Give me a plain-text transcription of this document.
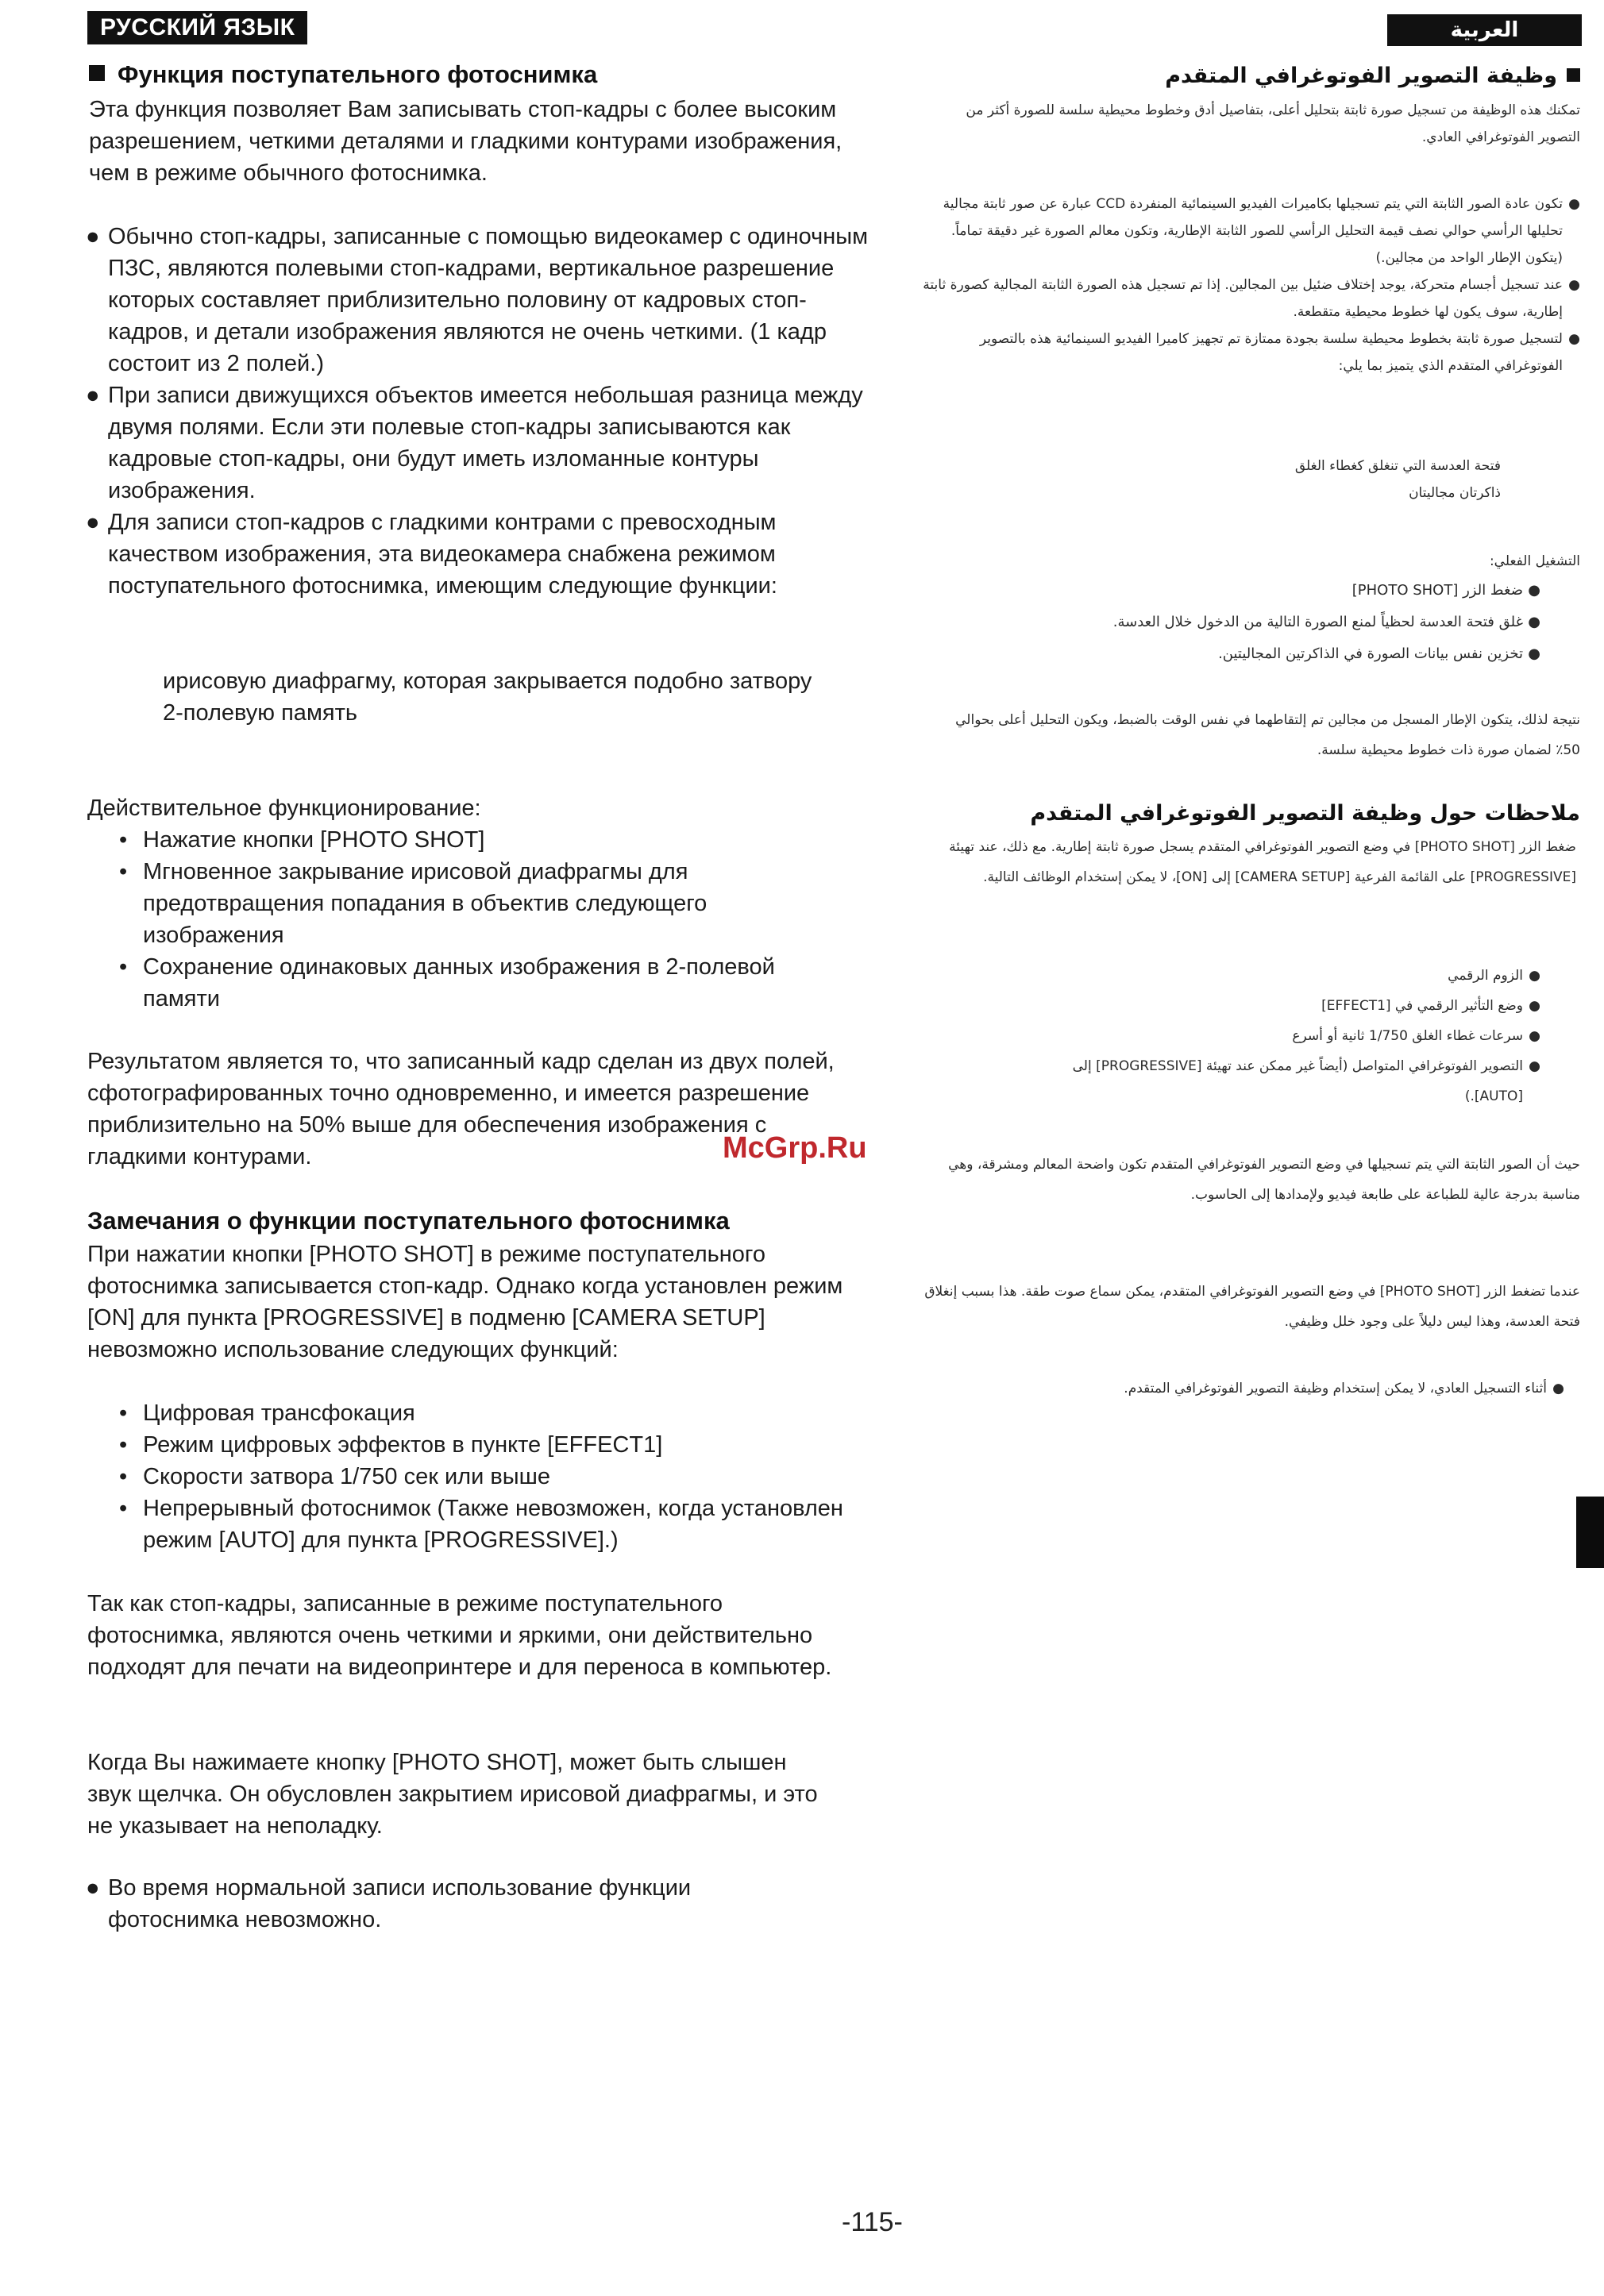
РУССКИЙ ЯЗЫК
Функция поступательного фотоснимка

Эта функция позволяет Вам записывать стоп-кадры с более высоким разрешением, четкими деталями и гладкими контурами изображения, чем в режиме обычного фотоснимка.

● Обычно стоп-кадры, записанные с помощью видеокамер с одиночным ПЗС, являются полевыми стоп-кадрами, вертикальное разрешение которых составляет приблизительно половину от кадровых стоп-кадров, и детали изображения являются не очень четкими. (1 кадр состоит из 2 полей.)
● При записи движущихся объектов имеется небольшая разница между двумя полями. Если эти полевые стоп-кадры записываются как кадровые стоп-кадры, они будут иметь изломанные контуры изображения.
● Для записи стоп-кадров с гладкими контрами с превосходным качеством изображения, эта видеокамера снабжена режимом поступательного фотоснимка, имеющим следующие функции:

ирисовую диафрагму, которая закрывается подобно затвору

2-полевую память

Действительное функционирование:

• Нажатие кнопки [PHOTO SHOT]
• Мгновенное закрывание ирисовой диафрагмы для предотвращения попадания в объектив следующего изображения
• Сохранение одинаковых данных изображения в 2-полевой памяти

Результатом является то, что записанный кадр сделан из двух полей, сфотографированных точно одновременно, и имеется разрешение приблизительно на 50% выше для обеспечения изображения с гладкими контурами.

Замечания о функции поступательного фотоснимка

При нажатии кнопки [PHOTO SHOT] в режиме поступательного фотоснимка записывается стоп-кадр. Однако когда установлен режим [ON] для пункта [PROGRESSIVE] в подменю [CAMERA SETUP] невозможно использование следующих функций:

• Цифровая трансфокация
• Режим цифровых эффектов в пункте [EFFECT1]
• Скорости затвора 1/750 сек или выше
• Непрерывный фотоснимок (Также невозможен, когда установлен режим [AUTO] для пункта [PROGRESSIVE].)

Так как стоп-кадры, записанные в режиме поступательного фотоснимка, являются очень четкими и яркими, они действительно подходят для печати на видеопринтере и для переноса в компьютер.

Когда Вы нажимаете кнопку [PHOTO SHOT], может быть слышен звук щелчка. Он обусловлен закрытием ирисовой диафрагмы, и это не указывает на неполадку.

● Во время нормальной записи использование функции фотоснимка невозможно.
العربية
وظيفة التصوير الفوتوغرافي المتقدم

تمكنك هذه الوظيفة من تسجيل صورة ثابتة بتحليل أعلى، بتفاصيل أدق وخطوط محيطية سلسة للصورة أكثر من التصوير الفوتوغرافي العادي.

●
تكون عادة الصور الثابتة التي يتم تسجيلها بكاميرات الفيديو السينمائية المنفردة CCD عبارة عن صور ثابتة مجالية تحليلها الرأسي حوالي نصف قيمة التحليل الرأسي للصور الثابتة الإطارية، وتكون معالم الصورة غير دقيقة تماماً. (يتكون الإطار الواحد من مجالين.)
●
عند تسجيل أجسام متحركة، يوجد إختلاف ضئيل بين المجالين. إذا تم تسجيل هذه الصورة الثابتة المجالية كصورة ثابتة إطارية، سوف يكون لها خطوط محيطية متقطعة.
●
لتسجيل صورة ثابتة بخطوط محيطية سلسة بجودة ممتازة تم تجهيز كاميرا الفيديو السينمائية هذه بالتصوير الفوتوغرافي المتقدم الذي يتميز بما يلي:

فتحة العدسة التي تنغلق كغطاء الغلق

ذاكرتان مجاليتان

التشغيل الفعلي:

●
ضغط الزر [PHOTO SHOT]
●
غلق فتحة العدسة لحظياً لمنع الصورة التالية من الدخول خلال العدسة.
●
تخزين نفس بيانات الصورة في الذاكرتين المجاليتين.

نتيجة لذلك، يتكون الإطار المسجل من مجالين تم إلتقاطهما في نفس الوقت بالضبط، ويكون التحليل أعلى بحوالي 50٪ لضمان صورة ذات خطوط محيطية سلسة.

ملاحظات حول وظيفة التصوير الفوتوغرافي المتقدم

ضغط الزر [PHOTO SHOT] في وضع التصوير الفوتوغرافي المتقدم يسجل صورة ثابتة إطارية. مع ذلك، عند تهيئة [PROGRESSIVE] على القائمة الفرعية [CAMERA SETUP] إلى [ON]، لا يمكن إستخدام الوظائف التالية.

●
الزوم الرقمي
●
وضع التأثير الرقمي في [EFFECT1]
●
سرعات غطاء الغلق 1/750 ثانية أو أسرع
●
التصوير الفوتوغرافي المتواصل (أيضاً غير ممكن عند تهيئة [PROGRESSIVE] إلى [AUTO].)

حيث أن الصور الثابتة التي يتم تسجيلها في وضع التصوير الفوتوغرافي المتقدم تكون واضحة المعالم ومشرقة، وهي مناسبة بدرجة عالية للطباعة على طابعة فيديو ولإمدادها إلى الحاسوب.

عندما تضغط الزر [PHOTO SHOT] في وضع التصوير الفوتوغرافي المتقدم، يمكن سماع صوت طقة. هذا بسبب إنغلاق فتحة العدسة، وهذا ليس دليلاً على وجود خلل وظيفي.

●
أثناء التسجيل العادي، لا يمكن إستخدام وظيفة التصوير الفوتوغرافي المتقدم.
McGrp.Ru
-115-
